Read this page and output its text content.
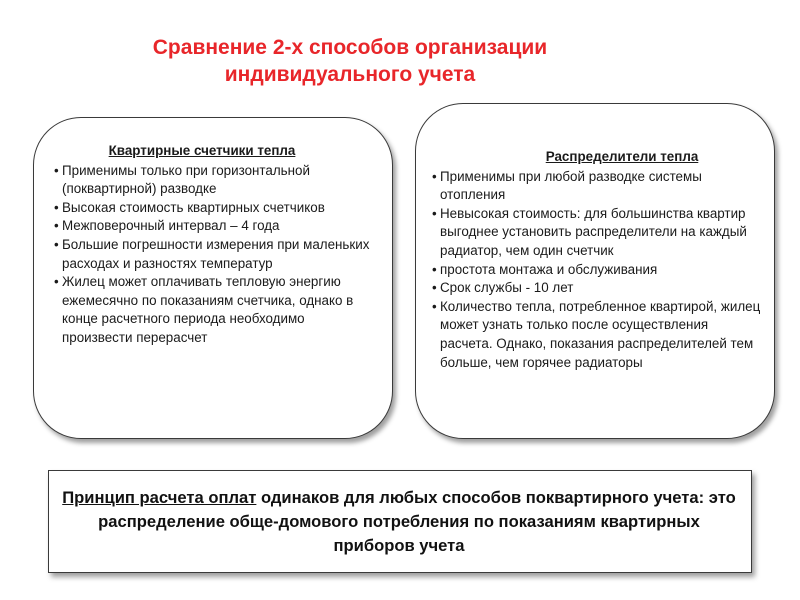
Сравнение 2-х способов организации
индивидуального учета
Квартирные счетчики тепла
• Применимы только при горизонтальной (поквартирной) разводке
• Высокая стоимость квартирных счетчиков
• Межповерочный интервал – 4 года
• Большие погрешности измерения при маленьких расходах и разностях температур
• Жилец может оплачивать тепловую энергию ежемесячно по показаниям счетчика, однако в конце расчетного периода необходимо произвести перерасчет
Распределители тепла
• Применимы при любой разводке системы отопления
• Невысокая стоимость: для большинства квартир выгоднее установить распределители на каждый радиатор, чем один счетчик
• простота монтажа и обслуживания
• Срок службы - 10 лет
• Количество тепла, потребленное квартирой, жилец может узнать только после осуществления расчета. Однако, показания распределителей тем больше, чем горячее радиаторы
Принцип расчета оплат одинаков для любых способов поквартирного учета: это распределение обще-домового потребления по показаниям квартирных приборов учета
